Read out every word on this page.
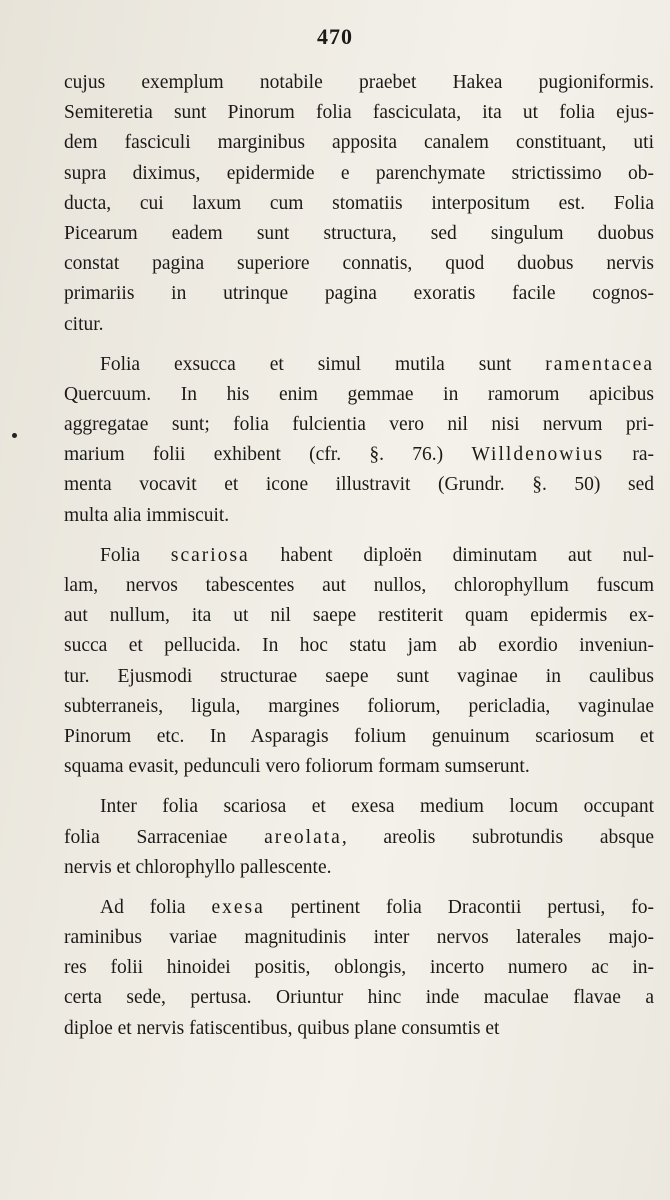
470
cujus exemplum notabile praebet Hakea pugioniformis.
Semiteretia sunt Pinorum folia fasciculata, ita ut folia ejus-
dem fasciculi marginibus apposita canalem constituant, uti
supra diximus, epidermide e parenchymate strictissimo ob-
ducta, cui laxum cum stomatiis interpositum est. Folia
Picearum eadem sunt structura, sed singulum duobus
constat pagina superiore connatis, quod duobus nervis
primariis in utrinque pagina exoratis facile cognos-
citur.
Folia exsucca et simul mutila sunt ramentacea
Quercuum. In his enim gemmae in ramorum apicibus
aggregatae sunt; folia fulcientia vero nil nisi nervum pri-
marium folii exhibent (cfr. §. 76.) Willdenowius ra-
menta vocavit et icone illustravit (Grundr. §. 50) sed
multa alia immiscuit.
Folia scariosa habent diploën diminutam aut nul-
lam, nervos tabescentes aut nullos, chlorophyllum fuscum
aut nullum, ita ut nil saepe restiterit quam epidermis ex-
succa et pellucida. In hoc statu jam ab exordio inveniun-
tur. Ejusmodi structurae saepe sunt vaginae in caulibus
subterraneis, ligula, margines foliorum, pericladia, vaginulae
Pinorum etc. In Asparagis folium genuinum scariosum et
squama evasit, pedunculi vero foliorum formam sumserunt.
Inter folia scariosa et exesa medium locum occupant
folia Sarraceniae areolata, areolis subrotundis absque
nervis et chlorophyllo pallescente.
Ad folia exesa pertinent folia Dracontii pertusi, fo-
raminibus variae magnitudinis inter nervos laterales majo-
res folii hinoidei positis, oblongis, incerto numero ac in-
certa sede, pertusa. Oriuntur hinc inde maculae flavae a
diploe et nervis fatiscentibus, quibus plane consumtis et
